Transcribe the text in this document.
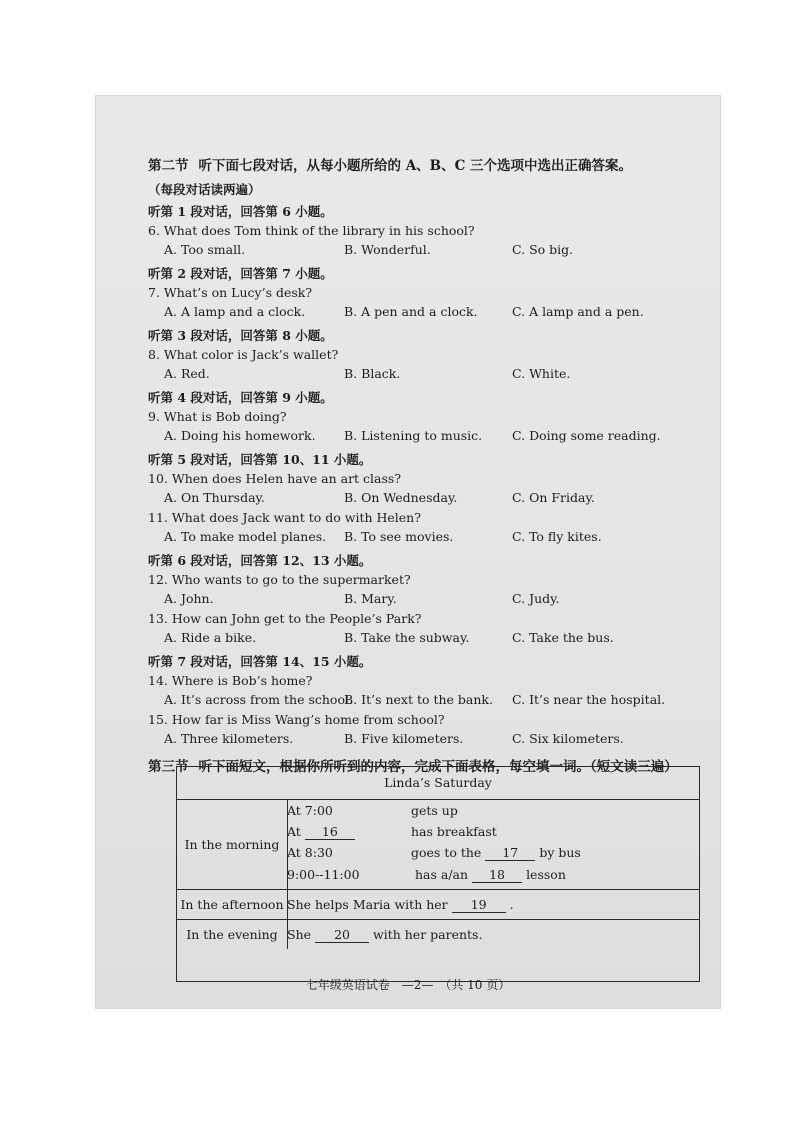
第二节 听下面七段对话，从每小题所给的 A、B、C 三个选项中选出正确答案。
（每段对话读两遍）
听第 1 段对话，回答第 6 小题。
6. What does Tom think of the library in his school?
A. Too small.	B. Wonderful.	C. So big.
听第 2 段对话，回答第 7 小题。
7. What’s on Lucy’s desk?
A. A lamp and a clock.	B. A pen and a clock.	C. A lamp and a pen.
听第 3 段对话，回答第 8 小题。
8. What color is Jack’s wallet?
A. Red.	B. Black.	C. White.
听第 4 段对话，回答第 9 小题。
9. What is Bob doing?
A. Doing his homework. B. Listening to music. C. Doing some reading.
听第 5 段对话，回答第 10、11 小题。
10. When does Helen have an art class?
A. On Thursday.	B. On Wednesday.	C. On Friday.
11. What does Jack want to do with Helen?
A. To make model planes. B. To see movies.	C. To fly kites.
听第 6 段对话，回答第 12、13 小题。
12. Who wants to go to the supermarket?
A. John.	B. Mary.	C. Judy.
13. How can John get to the People’s Park?
A. Ride a bike.	B. Take the subway.	C. Take the bus.
听第 7 段对话，回答第 14、15 小题。
14. Where is Bob’s home?
A. It’s across from the school.
B. It’s next to the bank. C. It’s near the hospital.
15. How far is Miss Wang’s home from school?
A. Three kilometers.	B. Five kilometers.	C. Six kilometers.
第三节 听下面短文，根据你所听到的内容，完成下面表格，每空填一词。（短文读三遍）
Linda’s Saturday
In the morning
At 7:00	gets up
At 16	has breakfast
At 8:30	goes to the 17 by bus
9:00--11:00	has a/an 18 lesson
In the afternoon She helps Maria with her 19 .
In the evening She 20 with her parents.
七年级英语试卷　—2—　（共 10 页）
